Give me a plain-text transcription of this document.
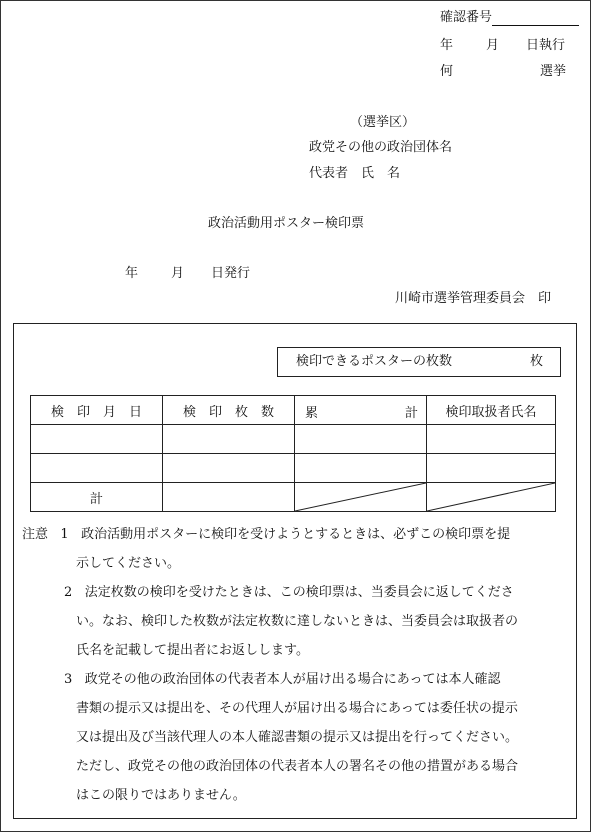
確認番号
年	月 日執行
何	選挙
（選挙区）
政党その他の政治団体名
代表者　氏　名
政治活動用ポスター検印票
年	月 日発行
川崎市選挙管理委員会　印
検印できるポスターの枚数	枚
検　印　月　日	検　印　枚　数	累 計	検印取扱者氏名

計		

注意 1 政治活動用ポスターに検印を受けようとするときは、必ずこの検印票を提

示してください。

2 法定枚数の検印を受けたときは、この検印票は、当委員会に返してくださ

い。なお、検印した枚数が法定枚数に達しないときは、当委員会は取扱者の

氏名を記載して提出者にお返しします。

3 政党その他の政治団体の代表者本人が届け出る場合にあっては本人確認

書類の提示又は提出を、その代理人が届け出る場合にあっては委任状の提示

又は提出及び当該代理人の本人確認書類の提示又は提出を行ってください。

ただし、政党その他の政治団体の代表者本人の署名その他の措置がある場合

はこの限りではありません。
